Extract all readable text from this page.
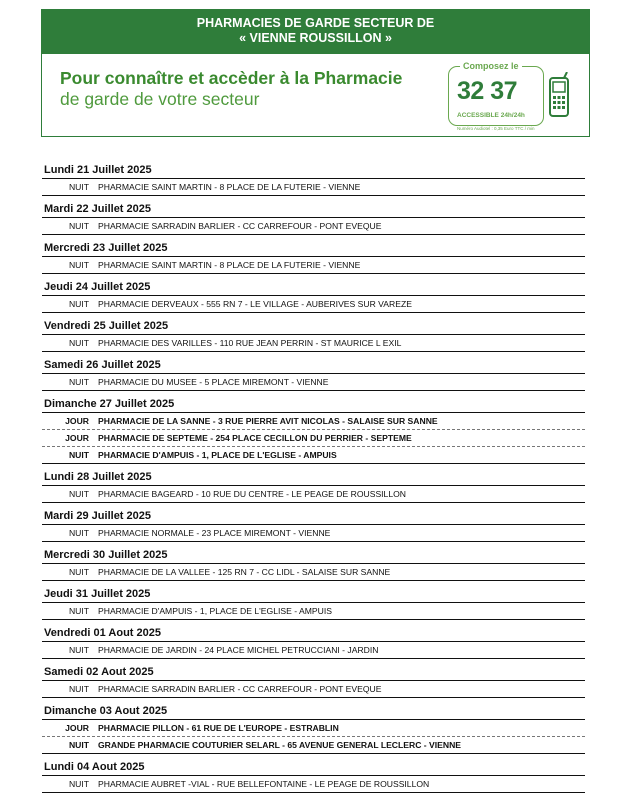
PHARMACIES DE GARDE SECTEUR DE
« VIENNE ROUSSILLON »
Pour connaître et accèder à la Pharmacie
de garde de votre secteur
Composez le
32 37
ACCESSIBLE 24h/24h
Numéro Audiotel : 0,35 Euro TTC / min
Lundi 21 Juillet 2025
NUIT	PHARMACIE SAINT MARTIN - 8 PLACE DE LA FUTERIE - VIENNE
Mardi 22 Juillet 2025
NUIT	PHARMACIE SARRADIN BARLIER - CC CARREFOUR - PONT EVEQUE
Mercredi 23 Juillet 2025
NUIT	PHARMACIE SAINT MARTIN - 8 PLACE DE LA FUTERIE - VIENNE
Jeudi 24 Juillet 2025
NUIT	PHARMACIE DERVEAUX - 555 RN 7 - LE VILLAGE - AUBERIVES SUR VAREZE
Vendredi 25 Juillet 2025
NUIT	PHARMACIE DES VARILLES - 110 RUE JEAN PERRIN - ST MAURICE L EXIL
Samedi 26 Juillet 2025
NUIT	PHARMACIE DU MUSEE - 5 PLACE MIREMONT - VIENNE
Dimanche 27 Juillet 2025
JOUR	PHARMACIE DE LA SANNE - 3 RUE PIERRE AVIT NICOLAS - SALAISE SUR SANNE
JOUR	PHARMACIE DE SEPTEME - 254 PLACE CECILLON DU PERRIER - SEPTEME
NUIT	PHARMACIE D'AMPUIS - 1, PLACE DE L'EGLISE - AMPUIS
Lundi 28 Juillet 2025
NUIT	PHARMACIE BAGEARD - 10 RUE DU CENTRE - LE PEAGE DE ROUSSILLON
Mardi 29 Juillet 2025
NUIT	PHARMACIE NORMALE - 23 PLACE MIREMONT - VIENNE
Mercredi 30 Juillet 2025
NUIT	PHARMACIE DE LA VALLEE - 125 RN 7 - CC LIDL - SALAISE SUR SANNE
Jeudi 31 Juillet 2025
NUIT	PHARMACIE D'AMPUIS - 1, PLACE DE L'EGLISE - AMPUIS
Vendredi 01 Aout 2025
NUIT	PHARMACIE DE JARDIN - 24 PLACE MICHEL PETRUCCIANI - JARDIN
Samedi 02 Aout 2025
NUIT	PHARMACIE SARRADIN BARLIER - CC CARREFOUR - PONT EVEQUE
Dimanche 03 Aout 2025
JOUR	PHARMACIE PILLON - 61 RUE DE L'EUROPE - ESTRABLIN
NUIT	GRANDE PHARMACIE COUTURIER SELARL - 65 AVENUE GENERAL LECLERC - VIENNE
Lundi 04 Aout 2025
NUIT	PHARMACIE AUBRET -VIAL - RUE BELLEFONTAINE - LE PEAGE DE ROUSSILLON
